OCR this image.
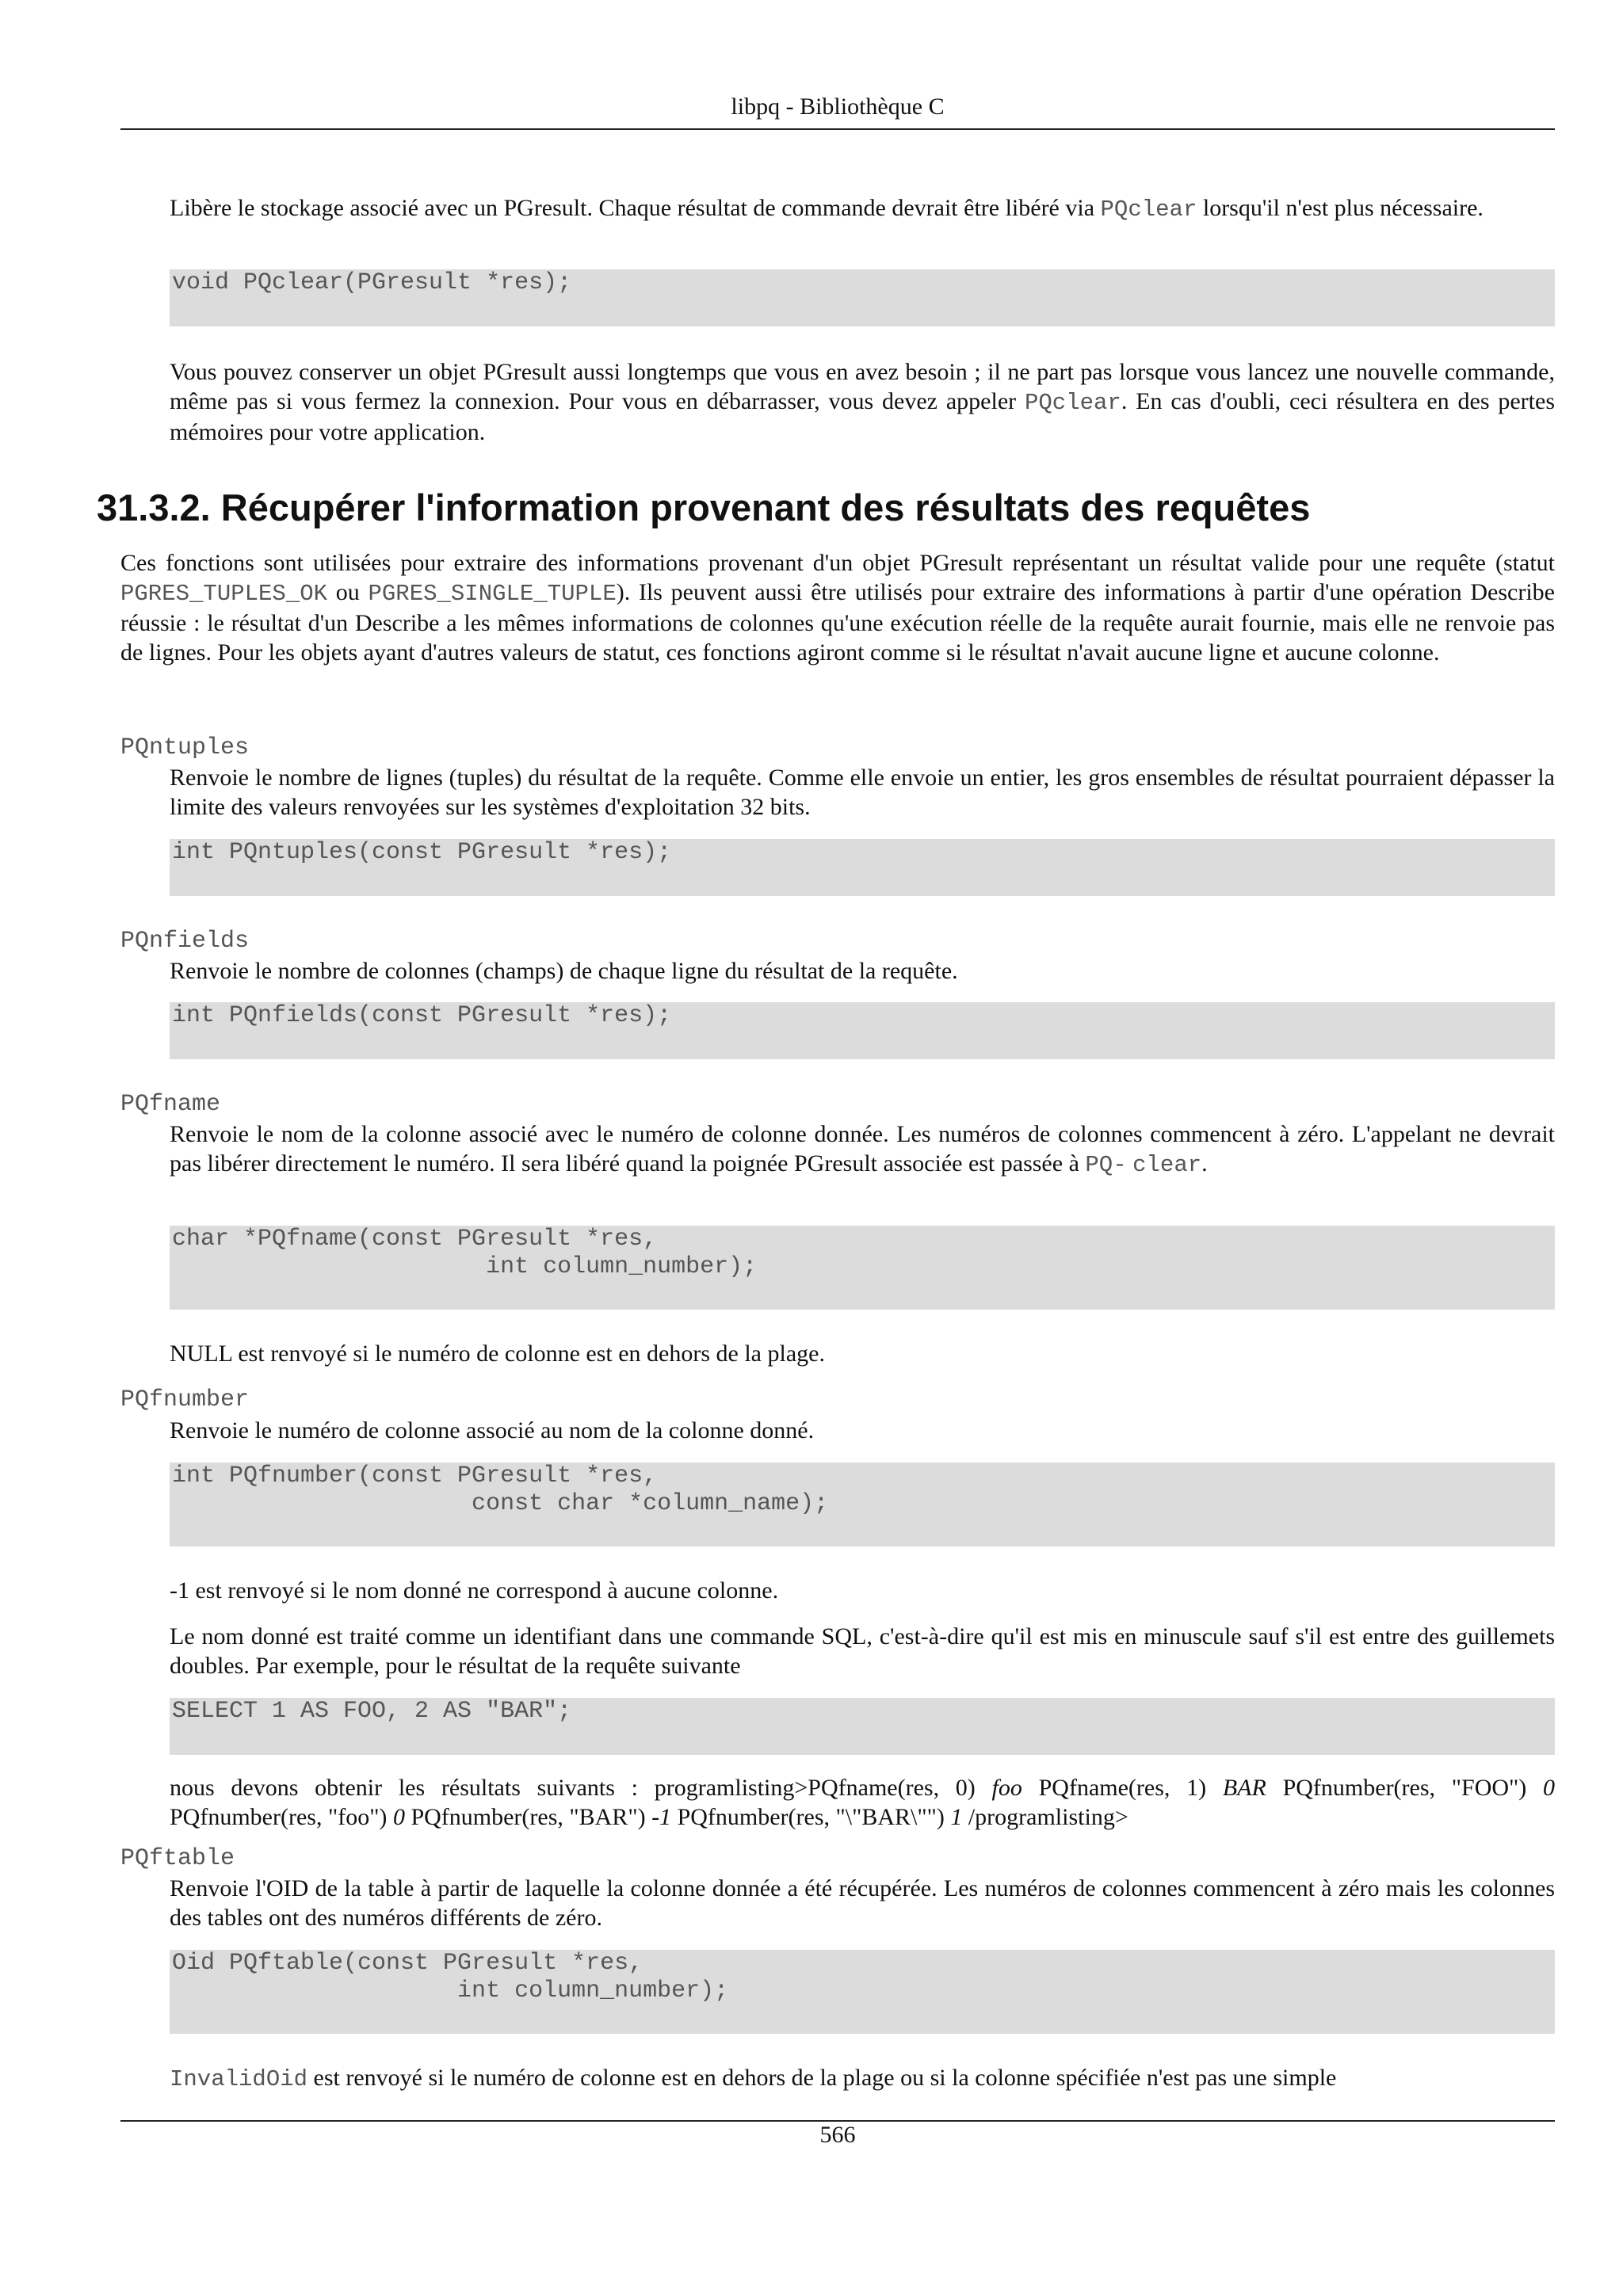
libpq - Bibliothèque C

Libère le stockage associé avec un PGresult. Chaque résultat de commande devrait être libéré via PQclear lorsqu'il n'est plus nécessaire.

void PQclear(PGresult *res);

Vous pouvez conserver un objet PGresult aussi longtemps que vous en avez besoin ; il ne part pas lorsque vous lancez une nouvelle commande, même pas si vous fermez la connexion. Pour vous en débarrasser, vous devez appeler PQclear. En cas d'oubli, ceci résultera en des pertes mémoires pour votre application.

31.3.2. Récupérer l'information provenant des résultats des requêtes

Ces fonctions sont utilisées pour extraire des informations provenant d'un objet PGresult représentant un résultat valide pour une requête (statut PGRES_TUPLES_OK ou PGRES_SINGLE_TUPLE). Ils peuvent aussi être utilisés pour extraire des informations à partir d'une opération Describe réussie : le résultat d'un Describe a les mêmes informations de colonnes qu'une exécution réelle de la requête aurait fournie, mais elle ne renvoie pas de lignes. Pour les objets ayant d'autres valeurs de statut, ces fonctions agiront comme si le résultat n'avait aucune ligne et aucune colonne.

PQntuples

Renvoie le nombre de lignes (tuples) du résultat de la requête. Comme elle envoie un entier, les gros ensembles de résultat pourraient dépasser la limite des valeurs renvoyées sur les systèmes d'exploitation 32 bits.

int PQntuples(const PGresult *res);
PQnfields

Renvoie le nombre de colonnes (champs) de chaque ligne du résultat de la requête.

int PQnfields(const PGresult *res);
PQfname

Renvoie le nom de la colonne associé avec le numéro de colonne donnée. Les numéros de colonnes commencent à zéro. L'appelant ne devrait pas libérer directement le numéro. Il sera libéré quand la poignée PGresult associée est passée à PQ- clear.

char *PQfname(const PGresult *res,
int column_number);

NULL est renvoyé si le numéro de colonne est en dehors de la plage.

PQfnumber

Renvoie le numéro de colonne associé au nom de la colonne donné.

int PQfnumber(const PGresult *res,
const char *column_name);

-1 est renvoyé si le nom donné ne correspond à aucune colonne.

Le nom donné est traité comme un identifiant dans une commande SQL, c'est-à-dire qu'il est mis en minuscule sauf s'il est entre des guillemets doubles. Par exemple, pour le résultat de la requête suivante

SELECT 1 AS FOO, 2 AS "BAR";

nous devons obtenir les résultats suivants : programlisting>PQfname(res, 0) foo PQfname(res, 1) BAR PQfnumber(res, "FOO") 0 PQfnumber(res, "foo") 0 PQfnumber(res, "BAR") -1 PQfnumber(res, "\"BAR\"") 1 /programlisting>

PQftable

Renvoie l'OID de la table à partir de laquelle la colonne donnée a été récupérée. Les numéros de colonnes commencent à zéro mais les colonnes des tables ont des numéros différents de zéro.

Oid PQftable(const PGresult *res,
int column_number);

InvalidOid est renvoyé si le numéro de colonne est en dehors de la plage ou si la colonne spécifiée n'est pas une simple

566
